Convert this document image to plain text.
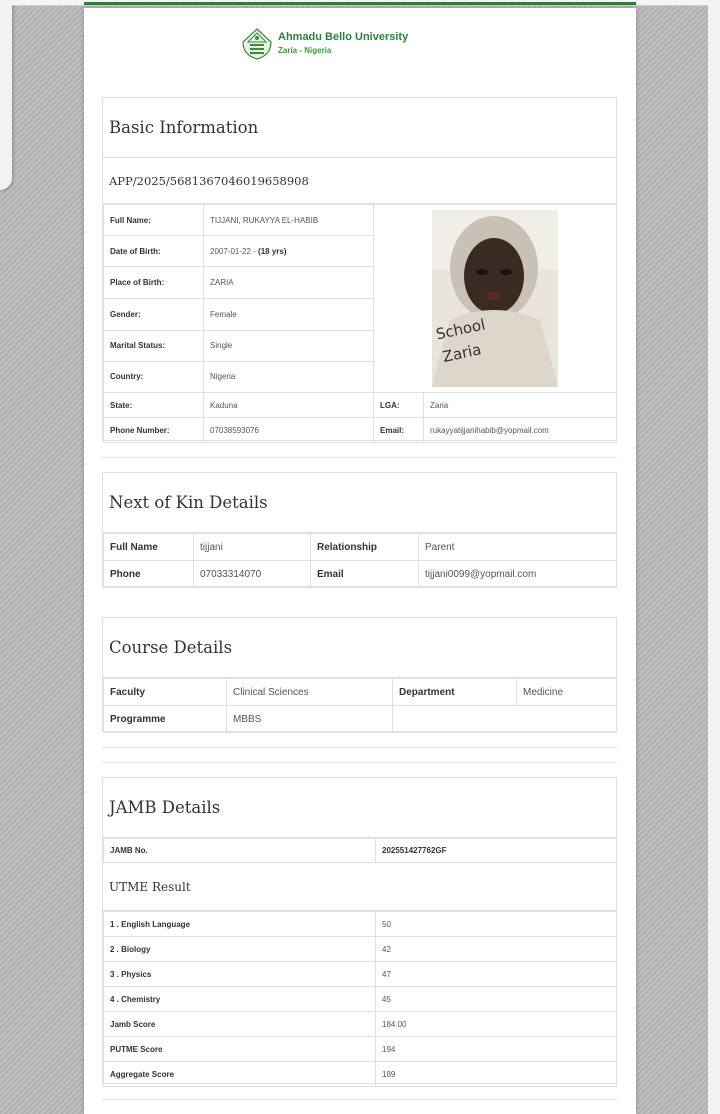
Ahmadu Bello University
Zaria - Nigeria
Basic Information
APP/2025/5681367046019658908
Full Name:	TIJJANI, RUKAYYA EL-HABIB	School
Zaria	

Date of Birth:	2007-01-22 - (18 yrs)		
Place of Birth:	ZARIA		
Gender:	Female		
Marital Status:	Single		
Country:	Nigeria		
State:	Kaduna	LGA:	Zaria
Phone Number:	07038593076	Email:	rukayyatijjanihabib@yopmail.com
Next of Kin Details
Full Name	tijjani	Relationship	Parent
Phone	07033314070	Email	tijjani0099@yopmail.com
Course Details
Faculty	Clinical Sciences	Department	Medicine
Programme	MBBS		
JAMB Details
JAMB No.	202551427762GF
UTME Result
1 . English Language	50
2 . Biology	42
3 . Physics	47
4 . Chemistry	45
Jamb Score	184.00
PUTME Score	194
Aggregate Score	189
